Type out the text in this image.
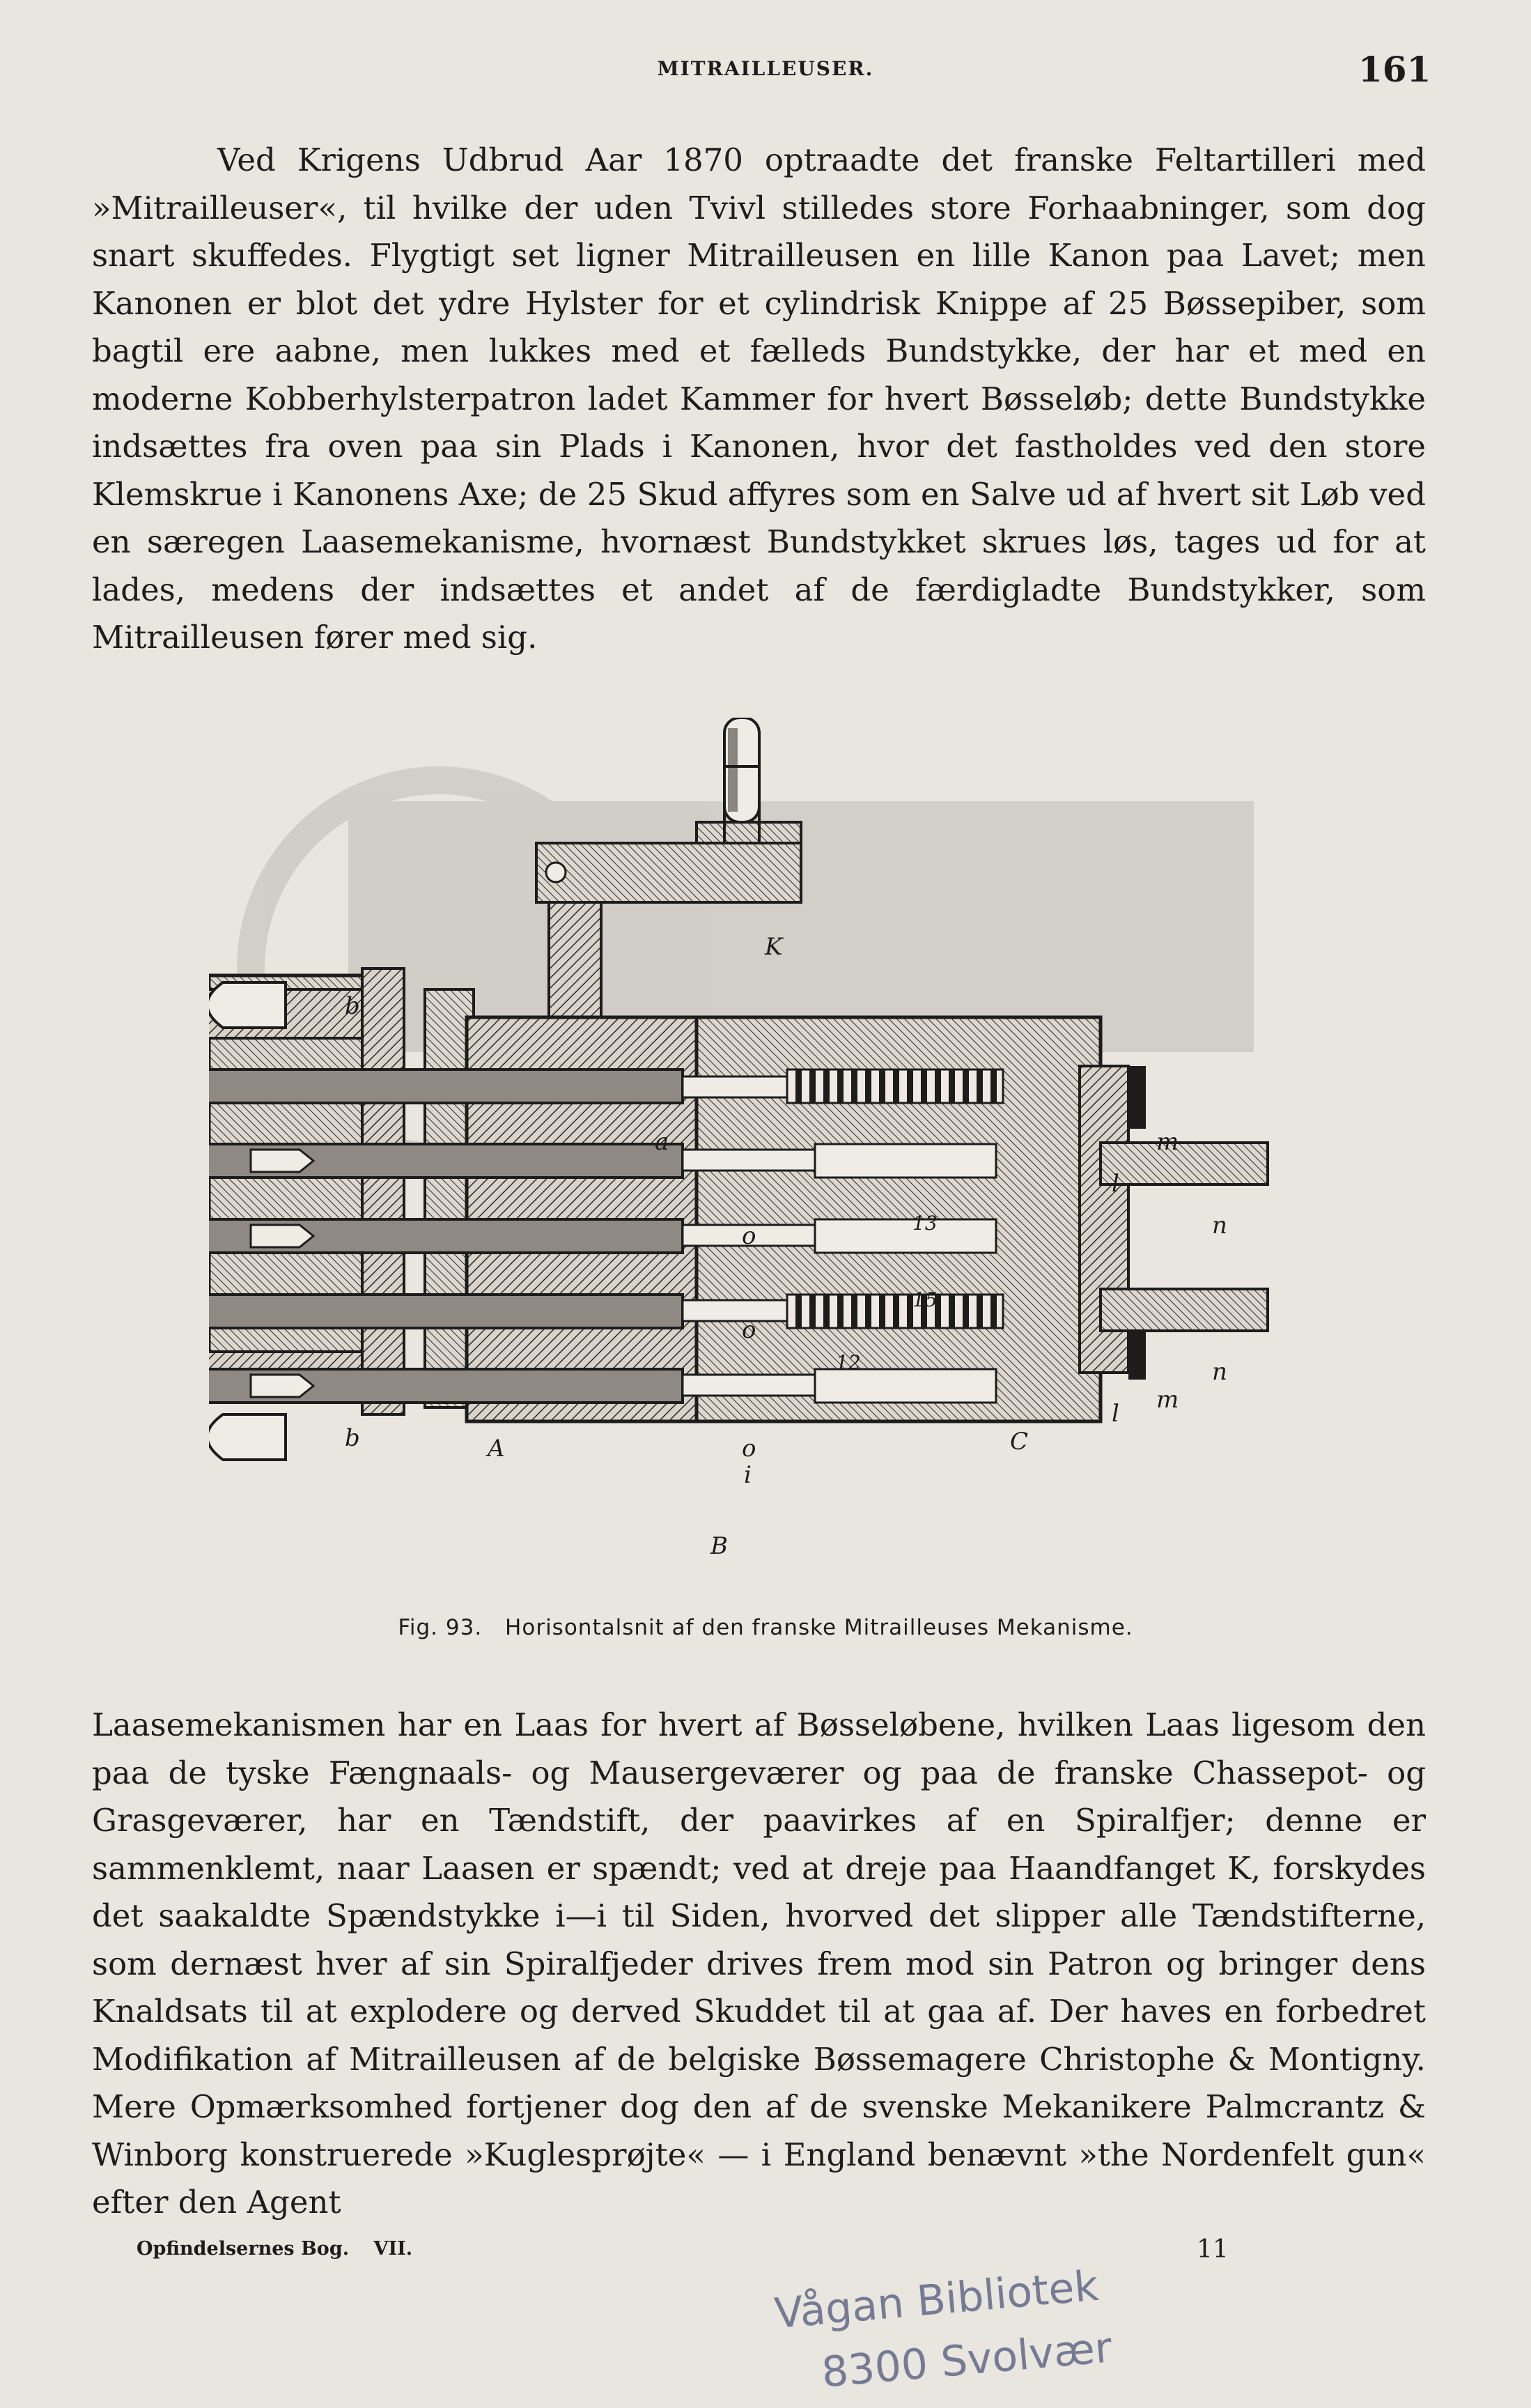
MITRAILLEUSER.	161

Ved Krigens Udbrud Aar 1870 optraadte det franske Feltartilleri med »Mitrailleuser«, til hvilke der uden Tvivl stilledes store Forhaabninger, som dog snart skuffedes. Flygtigt set ligner Mitrailleusen en lille Kanon paa Lavet; men Kanonen er blot det ydre Hylster for et cylindrisk Knippe af 25 Bøssepiber, som bagtil ere aabne, men lukkes med et fælleds Bundstykke, der har et med en moderne Kobberhylsterpatron ladet Kammer for hvert Bøsseløb; dette Bundstykke indsættes fra oven paa sin Plads i Kanonen, hvor det fastholdes ved den store Klemskrue i Kanonens Axe; de 25 Skud affyres som en Salve ud af hvert sit Løb ved en særegen Laasemekanisme, hvornæst Bundstykket skrues løs, tages ud for at lades, medens der indsættes et andet af de færdigladte Bundstykker, som Mitrailleusen fører med sig.

K
b
b	A
B
C
l
l
m
m
n
n
o
o
o
i
a
12
13
15
Fig. 93. Horisontalsnit af den franske Mitrailleuses Mekanisme.

Laasemekanismen har en Laas for hvert af Bøsseløbene, hvilken Laas ligesom den paa de tyske Fængnaals- og Mausergeværer og paa de franske Chassepot- og Grasgeværer, har en Tændstift, der paavirkes af en Spiralfjer; denne er sammenklemt, naar Laasen er spændt; ved at dreje paa Haandfanget K, forskydes det saakaldte Spændstykke i—i til Siden, hvorved det slipper alle Tændstifterne, som dernæst hver af sin Spiralfjeder drives frem mod sin Patron og bringer dens Knaldsats til at explodere og derved Skuddet til at gaa af. Der haves en forbedret Modifikation af Mitrailleusen af de belgiske Bøssemagere Christophe & Montigny. Mere Opmærksomhed fortjener dog den af de svenske Mekanikere Palmcrantz & Winborg konstruerede »Kuglesprøjte« — i England benævnt »the Nordenfelt gun« efter den Agent

Opfindelsernes Bog. VII.	11
Vågan Bibliotek
8300 Svolvær
